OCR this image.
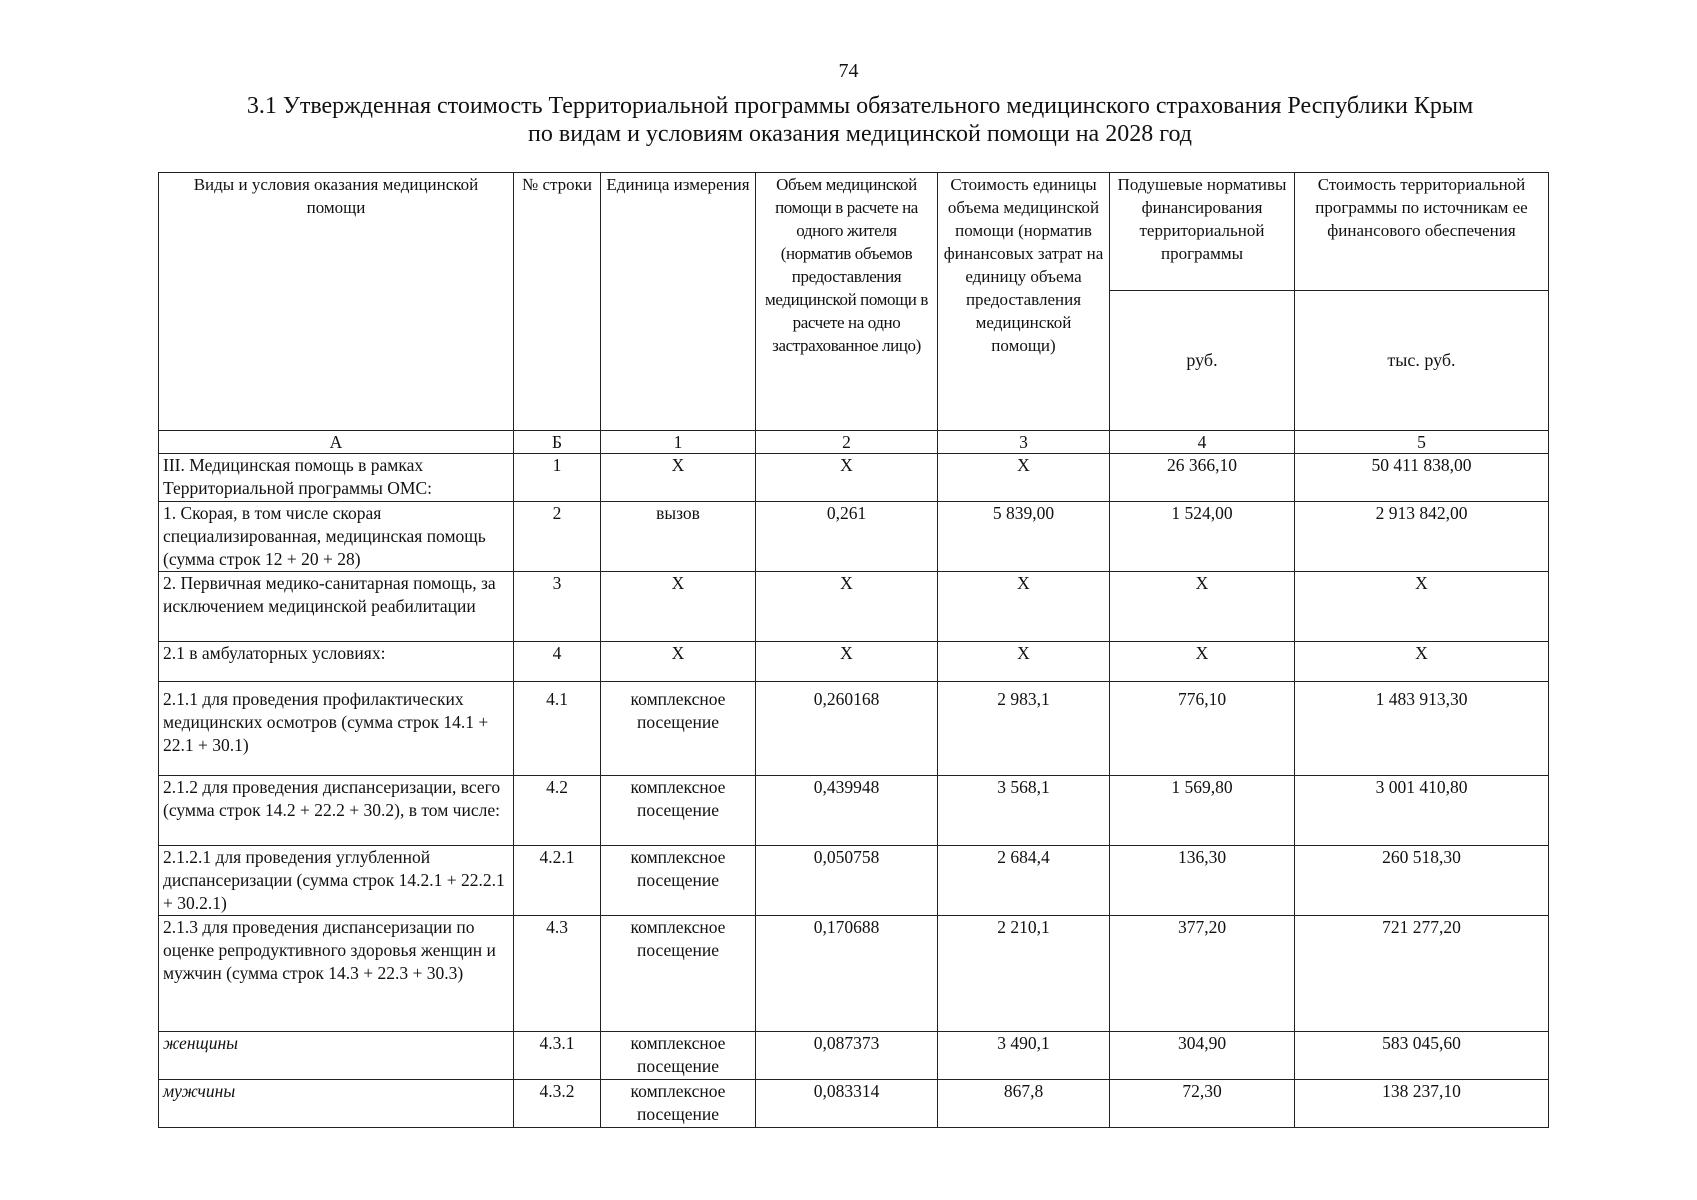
74
3.1 Утвержденная стоимость Территориальной программы обязательного медицинского страхования Республики Крым
по видам и условиям оказания медицинской помощи на 2028 год
Виды и условия оказания медицинской помощи	№ строки	Единица измерения	Объем медицинской помощи в расчете на одного жителя (норматив объемов предоставления медицинской помощи в расчете на одно застрахованное лицо)	Стоимость единицы объема медицинской помощи (норматив финансовых затрат на единицу объема предоставления медицинской помощи)	Подушевые нормативы финансирования территориальной программы	Стоимость территориальной программы по источникам ее финансового обеспечения
					руб.	тыс. руб.
А	Б	1	2	3	4	5
III. Медицинская помощь в рамках Территориальной программы ОМС:	1	Х	Х	Х	26 366,10	50 411 838,00
1. Скорая, в том числе скорая специализированная, медицинская помощь (сумма строк 12 + 20 + 28)	2	вызов	0,261	5 839,00	1 524,00	2 913 842,00
2. Первичная медико-санитарная помощь, за исключением медицинской реабилитации	3	Х	Х	Х	Х	Х
2.1 в амбулаторных условиях:	4	Х	Х	Х	Х	Х
2.1.1 для проведения профилактических медицинских осмотров (сумма строк 14.1 + 22.1 + 30.1)	4.1	комплексное посещение	0,260168	2 983,1	776,10	1 483 913,30
2.1.2 для проведения диспансеризации, всего (сумма строк 14.2 + 22.2 + 30.2), в том числе:	4.2	комплексное посещение	0,439948	3 568,1	1 569,80	3 001 410,80
2.1.2.1 для проведения углубленной диспансеризации (сумма строк 14.2.1 + 22.2.1 + 30.2.1)	4.2.1	комплексное посещение	0,050758	2 684,4	136,30	260 518,30
2.1.3 для проведения диспансеризации по оценке репродуктивного здоровья женщин и мужчин (сумма строк 14.3 + 22.3 + 30.3)	4.3	комплексное посещение	0,170688	2 210,1	377,20	721 277,20
женщины	4.3.1	комплексное посещение	0,087373	3 490,1	304,90	583 045,60
мужчины	4.3.2	комплексное посещение	0,083314	867,8	72,30	138 237,10
